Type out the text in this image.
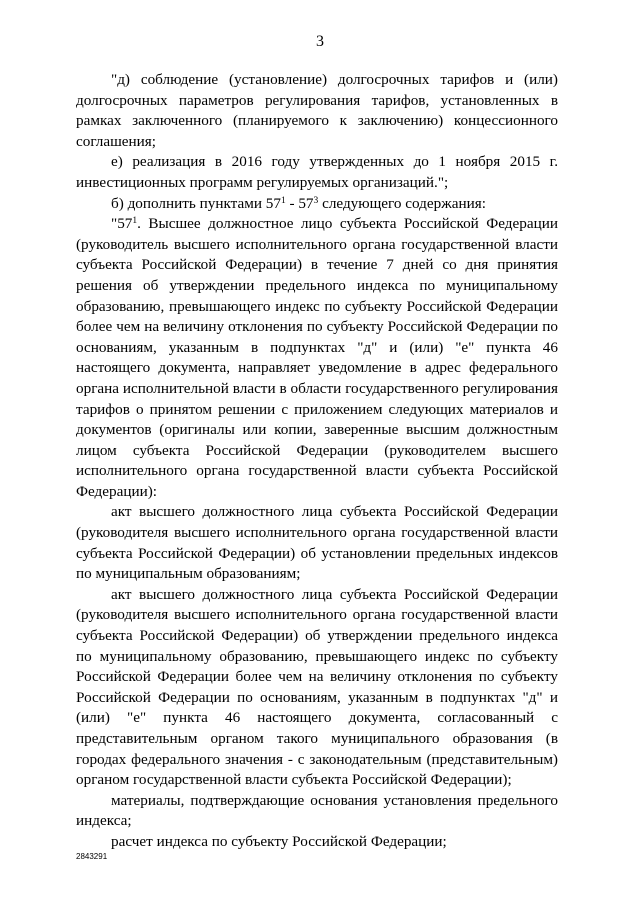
3

"д) соблюдение (установление) долгосрочных тарифов и (или) долгосрочных параметров регулирования тарифов, установленных в рамках заключенного (планируемого к заключению) концессионного соглашения;

е) реализация в 2016 году утвержденных до 1 ноября 2015 г. инвестиционных программ регулируемых организаций.";

б) дополнить пунктами $57^1 - 57^3$ следующего содержания:

"$57^1$. Высшее должностное лицо субъекта Российской Федерации (руководитель высшего исполнительного органа государственной власти субъекта Российской Федерации) в течение 7 дней со дня принятия решения об утверждении предельного индекса по муниципальному образованию, превышающего индекс по субъекту Российской Федерации более чем на величину отклонения по субъекту Российской Федерации по основаниям, указанным в подпунктах "д" и (или) "е" пункта 46 настоящего документа, направляет уведомление в адрес федерального органа исполнительной власти в области государственного регулирования тарифов о принятом решении с приложением следующих материалов и документов (оригиналы или копии, заверенные высшим должностным лицом субъекта Российской Федерации (руководителем высшего исполнительного органа государственной власти субъекта Российской Федерации):

акт высшего должностного лица субъекта Российской Федерации (руководителя высшего исполнительного органа государственной власти субъекта Российской Федерации) об установлении предельных индексов по муниципальным образованиям;

акт высшего должностного лица субъекта Российской Федерации (руководителя высшего исполнительного органа государственной власти субъекта Российской Федерации) об утверждении предельного индекса по муниципальному образованию, превышающего индекс по субъекту Российской Федерации более чем на величину отклонения по субъекту Российской Федерации по основаниям, указанным в подпунктах "д" и (или) "е" пункта 46 настоящего документа, согласованный с представительным органом такого муниципального образования (в городах федерального значения - с законодательным (представительным) органом государственной власти субъекта Российской Федерации);

материалы, подтверждающие основания установления предельного индекса;

расчет индекса по субъекту Российской Федерации;

2843291
